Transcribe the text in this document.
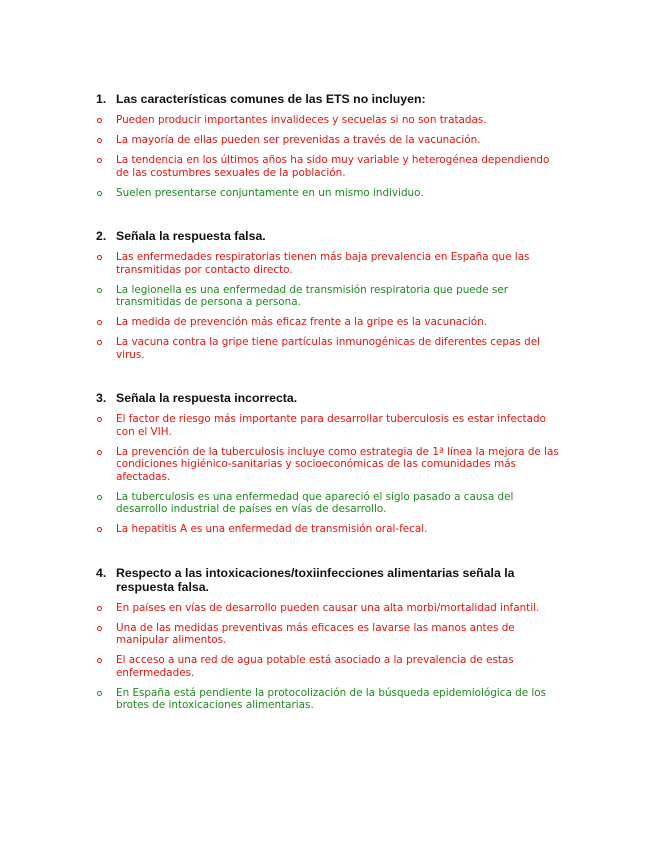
1. Las características comunes de las ETS no incluyen:
Pueden producir importantes invalideces y secuelas si no son tratadas.
La mayoría de ellas pueden ser prevenidas a través de la vacunación.
La tendencia en los últimos años ha sido muy variable y heterogénea dependiendo de las costumbres sexuales de la población.
Suelen presentarse conjuntamente en un mismo individuo.
2. Señala la respuesta falsa.
Las enfermedades respiratorias tienen más baja prevalencia en España que las transmitidas por contacto directo.
La legionella es una enfermedad de transmisión respiratoria que puede ser transmitidas de persona a persona.
La medida de prevención más eficaz frente a la gripe es la vacunación.
La vacuna contra la gripe tiene partículas inmunogénicas de diferentes cepas del virus.
3. Señala la respuesta incorrecta.
El factor de riesgo más importante para desarrollar tuberculosis es estar infectado con el VIH.
La prevención de la tuberculosis incluye como estrategia de 1ª línea la mejora de las condiciones higiénico-sanitarias y socioeconómicas de las comunidades más afectadas.
La tuberculosis es una enfermedad que apareció el siglo pasado a causa del desarrollo industrial de países en vías de desarrollo.
La hepatitis A es una enfermedad de transmisión oral-fecal.
4. Respecto a las intoxicaciones/toxiinfecciones alimentarias señala la respuesta falsa.
En países en vías de desarrollo pueden causar una alta morbi/mortalidad infantil.
Una de las medidas preventivas más eficaces es lavarse las manos antes de manipular alimentos.
El acceso a una red de agua potable está asociado a la prevalencia de estas enfermedades.
En España está pendiente la protocolización de la búsqueda epidemiológica de los brotes de intoxicaciones alimentarias.
